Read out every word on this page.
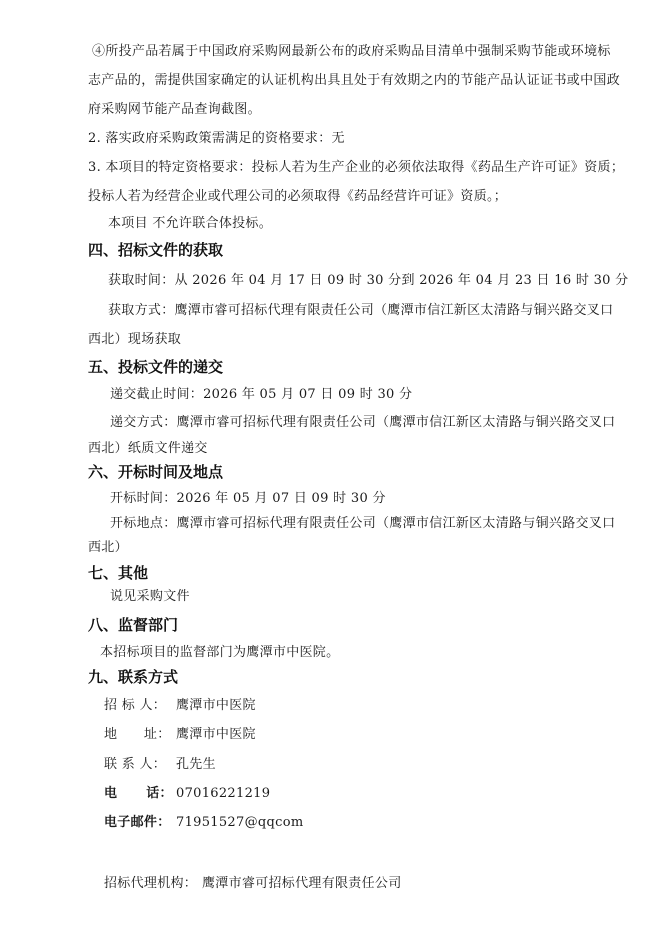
④所投产品若属于中国政府采购网最新公布的政府采购品目清单中强制采购节能或环境标
志产品的，需提供国家确定的认证机构出具且处于有效期之内的节能产品认证证书或中国政
府采购网节能产品查询截图。
2. 落实政府采购政策需满足的资格要求：无
3. 本项目的特定资格要求：投标人若为生产企业的必须依法取得《药品生产许可证》资质；
投标人若为经营企业或代理公司的必须取得《药品经营许可证》资质。；
本项目 不允许联合体投标。
四、招标文件的获取
获取时间：从 2026 年 04 月 17 日 09 时 30 分到 2026 年 04 月 23 日 16 时 30 分
获取方式：鹰潭市睿可招标代理有限责任公司（鹰潭市信江新区太清路与铜兴路交叉口
西北）现场获取
五、投标文件的递交
递交截止时间：2026 年 05 月 07 日 09 时 30 分
递交方式：鹰潭市睿可招标代理有限责任公司（鹰潭市信江新区太清路与铜兴路交叉口
西北）纸质文件递交
六、开标时间及地点
开标时间：2026 年 05 月 07 日 09 时 30 分
开标地点：鹰潭市睿可招标代理有限责任公司（鹰潭市信江新区太清路与铜兴路交叉口
西北）
七、其他
说见采购文件
八、监督部门
本招标项目的监督部门为鹰潭市中医院。
九、联系方式
招 标 人： 鹰潭市中医院
地      址： 鹰潭市中医院
联 系 人： 孔先生
电      话： 07016221219
电子邮件： 71951527@qqcom
招标代理机构： 鹰潭市睿可招标代理有限责任公司
